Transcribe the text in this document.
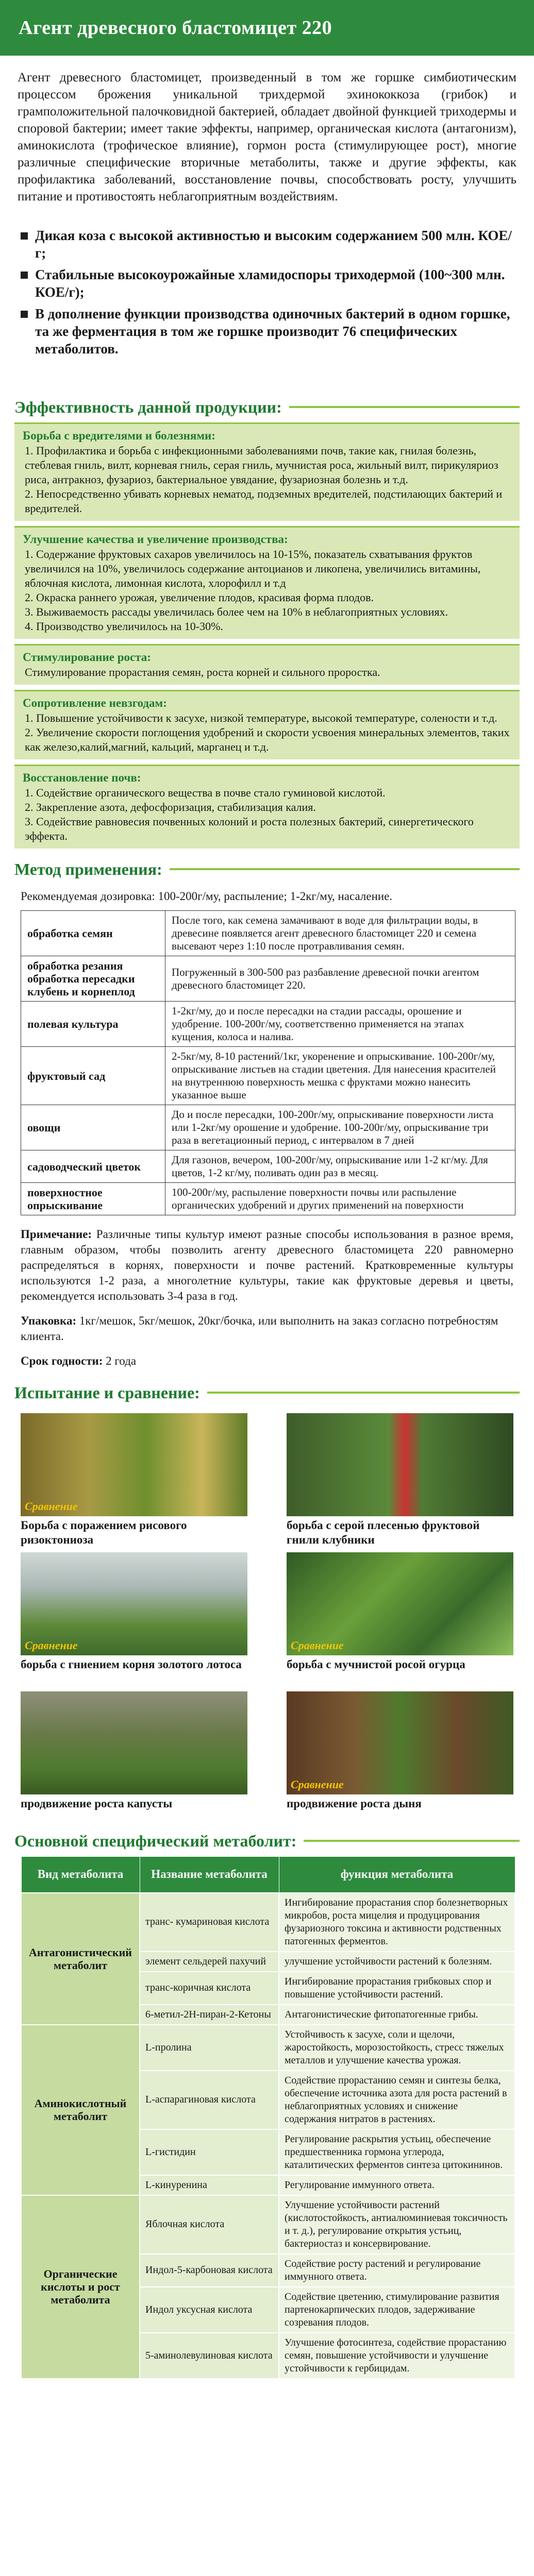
Агент древесного бластомицет 220

Агент древесного бластомицет, произведенный в том же горшке симбиотическим процессом брожения уникальной трихдермой эхинококкоза (грибок) и грамположительной палочковидной бактерией, обладает двойной функцией триходермы и споровой бактерии; имеет такие эффекты, например, органическая кислота (антагонизм), аминокислота (трофическое влияние), гормон роста (стимулирующее рост), многие различные специфические вторичные метаболиты, также и другие эффекты, как профилактика заболеваний, восстановление почвы, способствовать росту, улучшить питание и противостоять неблагоприятным воздействиям.

Дикая коза с высокой активностью и высоким содержанием 500 млн. КОЕ/г;
Стабильные высокоурожайные хламидоспоры триходермой (100~300 млн. КОЕ/г);
В дополнение функции производства одиночных бактерий в одном горшке, та же ферментация в том же горшке производит 76 специфических метаболитов.
Эффективность данной продукции:
Борьба с вредителями и болезнями:

1. Профилактика и борьба с инфекционными заболеваниями почв, такие как, гнилая болезнь, стеблевая гниль, вилт, корневая гниль, серая гниль, мучнистая роса, жильный вилт, пирикуляриоз риса, антракноз, фузариоз, бактериальное увядание, фузариозная болезнь и т.д.

2. Непосредственно убивать корневых нематод, подземных вредителей, подстилающих бактерий и вредителей.

Улучшение качества и увеличение производства:

1. Содержание фруктовых сахаров увеличилось на 10-15%, показатель схватывания фруктов увеличился на 10%, увеличилось содержание антоцианов и ликопена, увеличились витамины, яблочная кислота, лимонная кислота, хлорофилл и т.д

2. Окраска раннего урожая, увеличение плодов, красивая форма плодов.

3. Выживаемость рассады увеличилась более чем на 10% в неблагоприятных условиях.

4. Производство увеличилось на 10-30%.

Стимулирование роста:

Стимулирование прорастания семян, роста корней и сильного проростка.

Сопротивление невзгодам:

1. Повышение устойчивости к засухе, низкой температуре, высокой температуре, солености и т.д.

2. Увеличение скорости поглощения удобрений и скорости усвоения минеральных элементов, таких как железо,калий,магний, кальций, марганец и т.д.

Восстановление почв:

1. Содействие органического вещества в почве стало гуминовой кислотой.

2. Закрепление азота, дефосфоризация, стабилизация калия.

3. Содействие равновесия почвенных колоний и роста полезных бактерий, синергетического эффекта.

Метод применения:

Рекомендуемая дозировка: 100-200г/му, распыление; 1-2кг/му, насаление.

обработка семян	После того, как семена замачивают в воде для фильтрации воды, в древесине появляется агент древесного бластомицет 220 и семена высевают через 1:10 после протравливания семян.
обработка резания обработка пересадки клубень и корнеплод	Погруженный в 300-500 раз разбавление древесной почки агентом древесного бластомицет 220.
полевая культура	1-2кг/му, до и после пересадки на стадии рассады, орошение и удобрение. 100-200г/му, соответственно применяется на этапах кущения, колоса и налива.
фруктовый сад	2-5кг/му, 8-10 растений/1кг, укоренение и опрыскивание. 100-200г/му, опрыскивание листьев на стадии цветения. Для нанесения красителей на внутреннюю поверхность мешка с фруктами можно нанесить указанное выше
овощи	До и после пересадки, 100-200г/му, опрыскивание поверхности листа или 1-2кг/му орошение и удобрение. 100-200г/му, опрыскивание три раза в вегетационный период, с интервалом в 7 дней
садоводческий цветок	Для газонов, вечером, 100-200г/му, опрыскивание или 1-2 кг/му. Для цветов, 1-2 кг/му, поливать один раз в месяц.
поверхностное опрыскивание	100-200г/му, распыление поверхности почвы или распыление органических удобрений и других применений на поверхности

Примечание: Различные типы культур имеют разные способы использования в разное время, главным образом, чтобы позволить агенту древесного бластомицета 220 равномерно распределяться в корнях, поверхности и почве растений. Кратковременные культуры используются 1-2 раза, а многолетние культуры, такие как фруктовые деревья и цветы, рекомендуется использовать 3-4 раза в год.

Упаковка: 1кг/мешок, 5кг/мешок, 20кг/бочка, или выполнить на заказ согласно потребностям клиента.

Срок годности: 2 года

Испытание и сравнение:
Сравнение
Борьба с поражением рисового ризоктониоза
борьба с серой плесенью фруктовой гнили клубники
Сравнение
борьба с гниением корня золотого лотоса
Сравнение
борьба с мучнистой росой огурца
продвижение роста капусты
Сравнение
продвижение роста дыня
Основной специфический метаболит:
Вид метаболита	Название метаболита	функция метаболита
Антагонистический метаболит	транс- кумариновая кислота	Ингибирование прорастания спор болезнетворных микробов, роста мицелия и продуцирования фузариозного токсина и активности родственных патогенных ферментов.
	элемент сельдерей пахучий	улучшение устойчивости растений к болезням.
	транс-коричная кислота	Ингибирование прорастания грибковых спор и повышение устойчивости растений.
	6-метил-2Н-пиран-2-Кетоны	Антагонистические фитопатогенные грибы.
Аминокислотный метаболит	L-пролина	Устойчивость к засухе, соли и щелочи, жаростойкость, морозостойкость, стресс тяжелых металлов и улучшение качества урожая.
	L-аспарагиновая кислота	Содействие прорастанию семян и синтезы белка, обеспечение источника азота для роста растений в неблагоприятных условиях и снижение содержания нитратов в растениях.
	L-гистидин	Регулирование раскрытия устьиц, обеспечение предшественника гормона углерода, каталитических ферментов синтеза цитокининов.
	L-кинуренина	Регулирование иммунного ответа.
Органические кислоты и рост метаболита	Яблочная кислота	Улучшение устойчивости растений (кислотостойкость, антиалюминиевая токсичность и т. д.), регулирование открытия устьиц, бактериостаз и консервирование.
	Индол-5-карбоновая кислота	Содействие росту растений и регулирование иммунного ответа.
	Индол уксусная кислота	Содействие цветению, стимулирование развития партенокарпических плодов, задерживание созревания плодов.
	5-аминолевулиновая кислота	Улучшение фотосинтеза, содействие прорастанию семян, повышение устойчивости и улучшение устойчивости к гербицидам.
